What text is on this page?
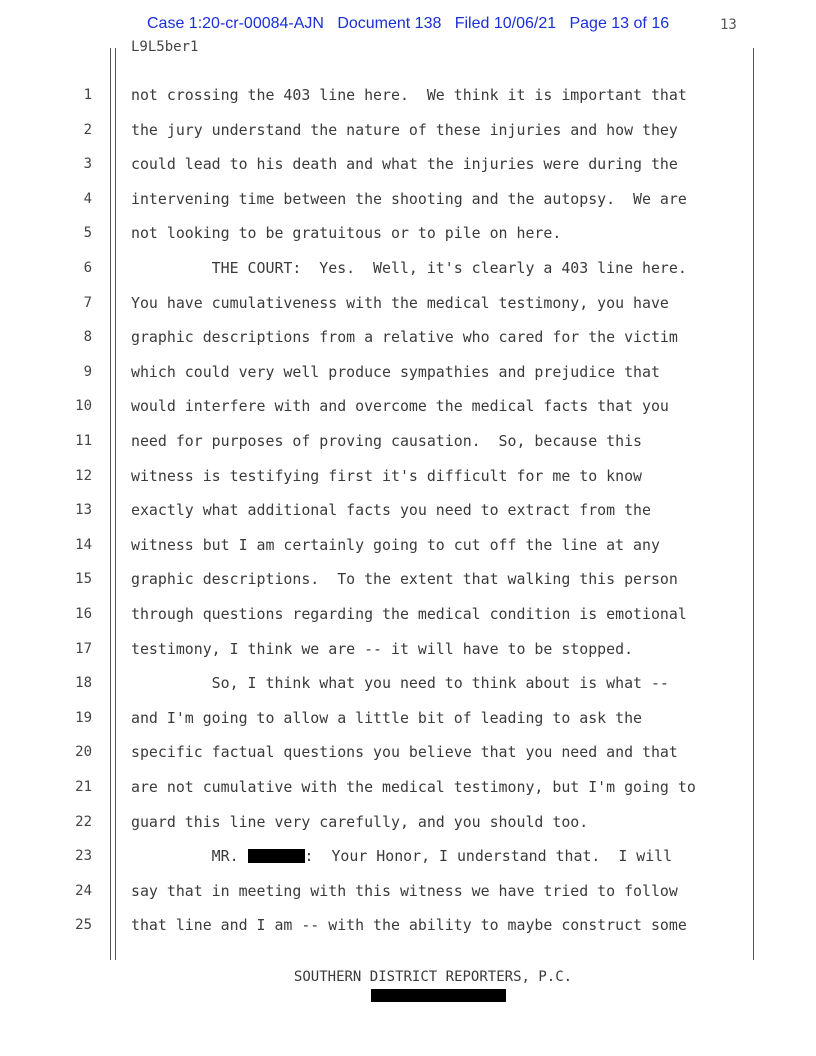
Case 1:20-cr-00084-AJN Document 138 Filed 10/06/21 Page 13 of 16	13
L9L5ber1
1	not crossing the 403 line here.  We think it is important that
2	the jury understand the nature of these injuries and how they
3	could lead to his death and what the injuries were during the
4	intervening time between the shooting and the autopsy.  We are
5	not looking to be gratuitous or to pile on here.
6	THE COURT:  Yes.  Well, it's clearly a 403 line here.
7	You have cumulativeness with the medical testimony, you have
8	graphic descriptions from a relative who cared for the victim
9	which could very well produce sympathies and prejudice that
10	would interfere with and overcome the medical facts that you
11	need for purposes of proving causation.  So, because this
12	witness is testifying first it's difficult for me to know
13	exactly what additional facts you need to extract from the
14	witness but I am certainly going to cut off the line at any
15	graphic descriptions.  To the extent that walking this person
16	through questions regarding the medical condition is emotional
17	testimony, I think we are -- it will have to be stopped.
18	So, I think what you need to think about is what --
19	and I'm going to allow a little bit of leading to ask the
20	specific factual questions you believe that you need and that
21	are not cumulative with the medical testimony, but I'm going to
22	guard this line very carefully, and you should too.
23	MR.	:  Your Honor, I understand that.  I will
24	say that in meeting with this witness we have tried to follow
25	that line and I am -- with the ability to maybe construct some
SOUTHERN DISTRICT REPORTERS, P.C.
